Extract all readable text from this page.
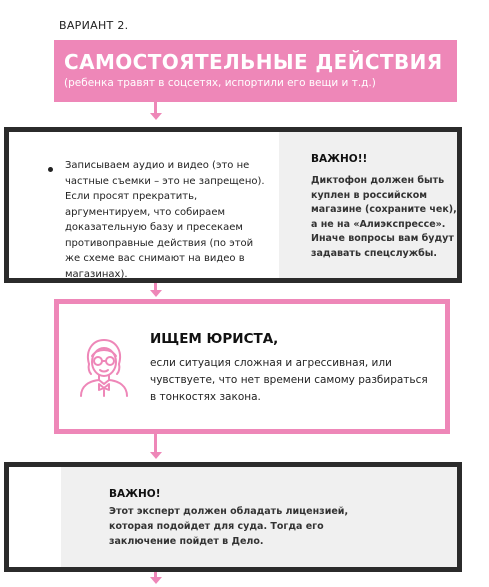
ВАРИАНТ 2.
САМОСТОЯТЕЛЬНЫЕ ДЕЙСТВИЯ
(ребенка травят в соцсетях, испортили его вещи и т.д.)
Записываем аудио и видео (это не частные съемки – это не запрещено). Если просят прекратить, аргументируем, что собираем доказательную базу и пресекаем противоправные действия (по этой же схеме вас снимают на видео в магазинах).
ВАЖНО!!
Диктофон должен быть куплен в российском магазине (сохраните чек), а не на «Алиэкспрессе». Иначе вопросы вам будут задавать спецслужбы.
ИЩЕМ ЮРИСТА,
если ситуация сложная и агрессивная, или чувствуете, что нет времени самому разбираться в тонкостях закона.
ВАЖНО!
Этот эксперт должен обладать лицензией, которая подойдет для суда. Тогда его заключение пойдет в Дело.
